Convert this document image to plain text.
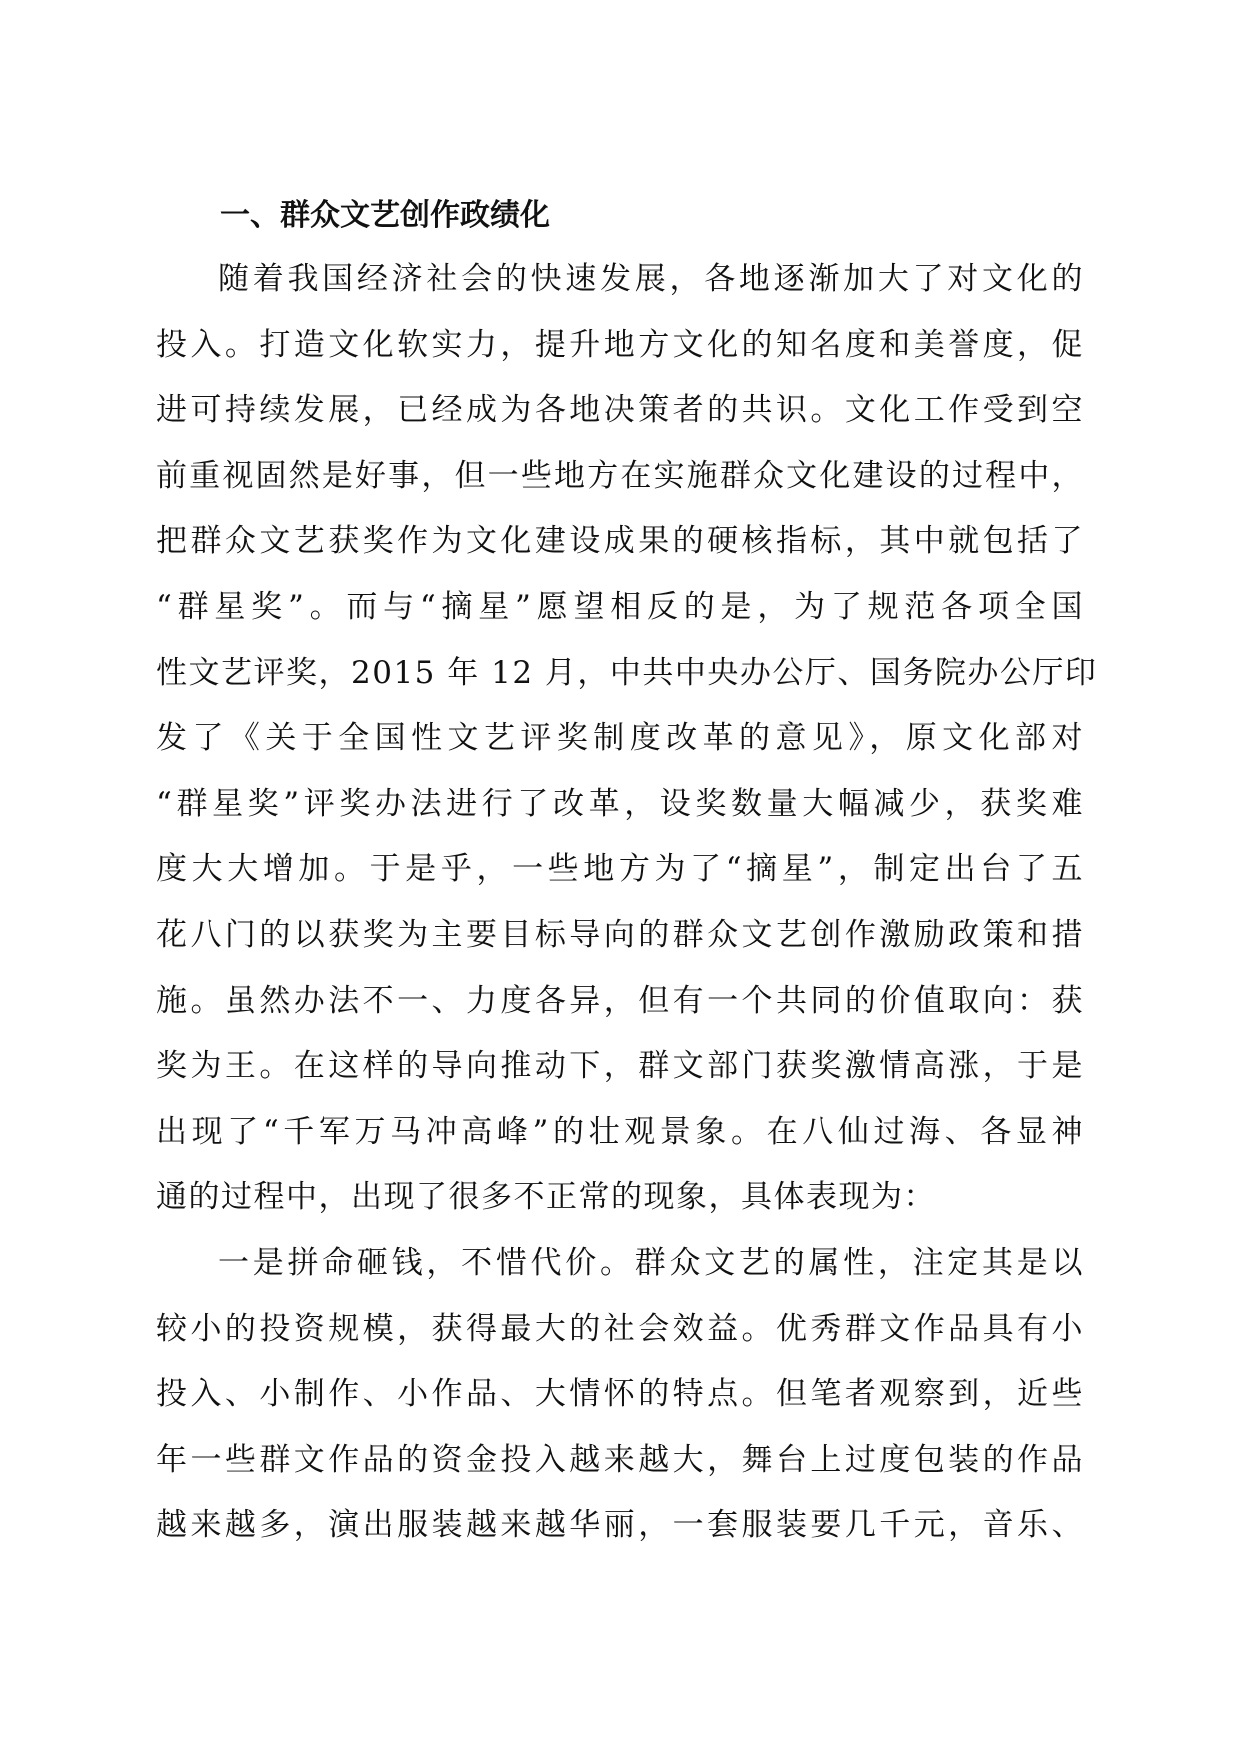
一、群众文艺创作政绩化
随着我国经济社会的快速发展，各地逐渐加大了对文化的
投入。打造文化软实力，提升地方文化的知名度和美誉度，促
进可持续发展，已经成为各地决策者的共识。文化工作受到空
前重视固然是好事，但一些地方在实施群众文化建设的过程中，
把群众文艺获奖作为文化建设成果的硬核指标，其中就包括了
“群星奖”。而与“摘星”愿望相反的是，为了规范各项全国
性文艺评奖，2015 年 12 月，中共中央办公厅、国务院办公厅印
发了《关于全国性文艺评奖制度改革的意见》，原文化部对
“群星奖”评奖办法进行了改革，设奖数量大幅减少，获奖难
度大大增加。于是乎，一些地方为了“摘星”，制定出台了五
花八门的以获奖为主要目标导向的群众文艺创作激励政策和措
施。虽然办法不一、力度各异，但有一个共同的价值取向：获
奖为王。在这样的导向推动下，群文部门获奖激情高涨，于是
出现了“千军万马冲高峰”的壮观景象。在八仙过海、各显神
通的过程中，出现了很多不正常的现象，具体表现为：
一是拼命砸钱，不惜代价。群众文艺的属性，注定其是以
较小的投资规模，获得最大的社会效益。优秀群文作品具有小
投入、小制作、小作品、大情怀的特点。但笔者观察到，近些
年一些群文作品的资金投入越来越大，舞台上过度包装的作品
越来越多，演出服装越来越华丽，一套服装要几千元，音乐、
